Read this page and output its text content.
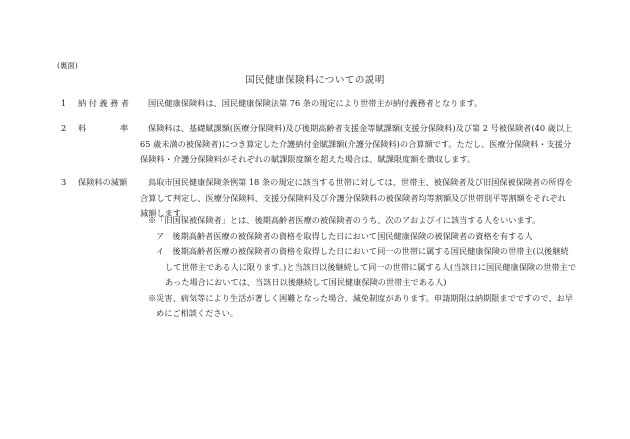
(裏面)
国民健康保険料についての説明
1	納付義務者 国民健康保険料は、国民健康保険法第 76 条の規定により世帯主が納付義務者となります。
2	料	率 保険料は、基礎賦課額(医療分保険料)及び後期高齢者支援金等賦課額(支援分保険料)及び第 2 号被保険者(40 歳以上
65 歳未満の被保険者)につき算定した介護納付金賦課額(介護分保険料)の合算額です。ただし、医療分保険料・支援分
保険料・介護分保険料がそれぞれの賦課限度額を超えた場合は、賦課限度額を徴収します。
3	保険料の減額	鳥取市国民健康保険条例第 18 条の規定に該当する世帯に対しては、世帯主、被保険者及び旧国保被保険者の所得を
合算して判定し、医療分保険料、支援分保険料及び介護分保険料の被保険者均等割額及び世帯別平等割額をそれぞれ
減額します。

※「旧国保被保険者」とは、後期高齢者医療の被保険者のうち、次のアおよびイに該当する人をいいます。

ア　後期高齢者医療の被保険者の資格を取得した日において国民健康保険の被保険者の資格を有する人

イ　後期高齢者医療の被保険者の資格を取得した日において同一の世帯に属する国民健康保険の世帯主(以後継続

して世帯主である人に限ります。)と当該日以後継続して同一の世帯に属する人(当該日に国民健康保険の世帯主で

あった場合においては、当該日以後継続して国民健康保険の世帯主である人)

※災害、病気等により生活が著しく困難となった場合、減免制度があります。申請期限は納期限までですので、お早

めにご相談ください。
